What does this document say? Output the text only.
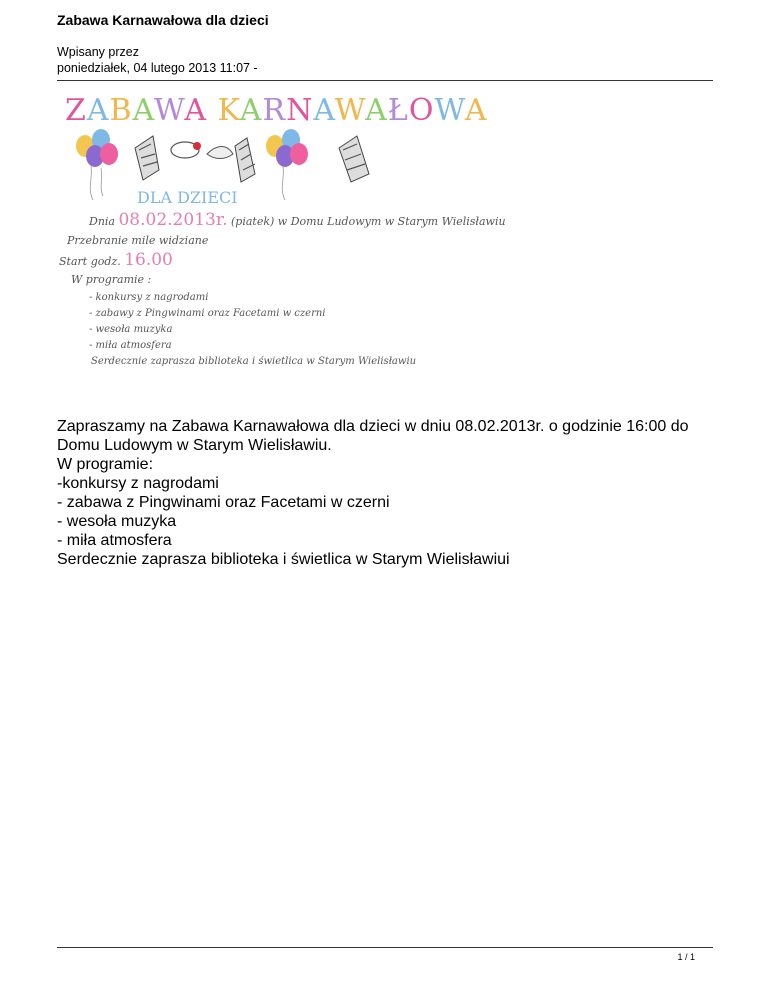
Zabawa Karnawałowa dla dzieci
Wpisany przez
poniedziałek, 04 lutego 2013 11:07 -
ZABAWA KARNAWAŁOWA
DLA DZIECI
Dnia 08.02.2013r. (piatek) w Domu Ludowym w Starym Wielisławiu
Przebranie mile widziane
Start godz. 16.00
W programie :
- konkursy z nagrodami
- zabawy z Pingwinami oraz Facetami w czerni
- wesoła muzyka
- miła atmosfera
Serdecznie zaprasza biblioteka i świetlica w Starym Wielisławiu
Zapraszamy na Zabawa Karnawałowa dla dzieci w dniu 08.02.2013r. o godzinie 16:00 do Domu Ludowym w Starym Wielisławiu.
W programie:
-konkursy z nagrodami
- zabawa z Pingwinami oraz Facetami w czerni
- wesoła muzyka
- miła atmosfera
Serdecznie zaprasza biblioteka i świetlica w Starym Wielisławiui
1 / 1
